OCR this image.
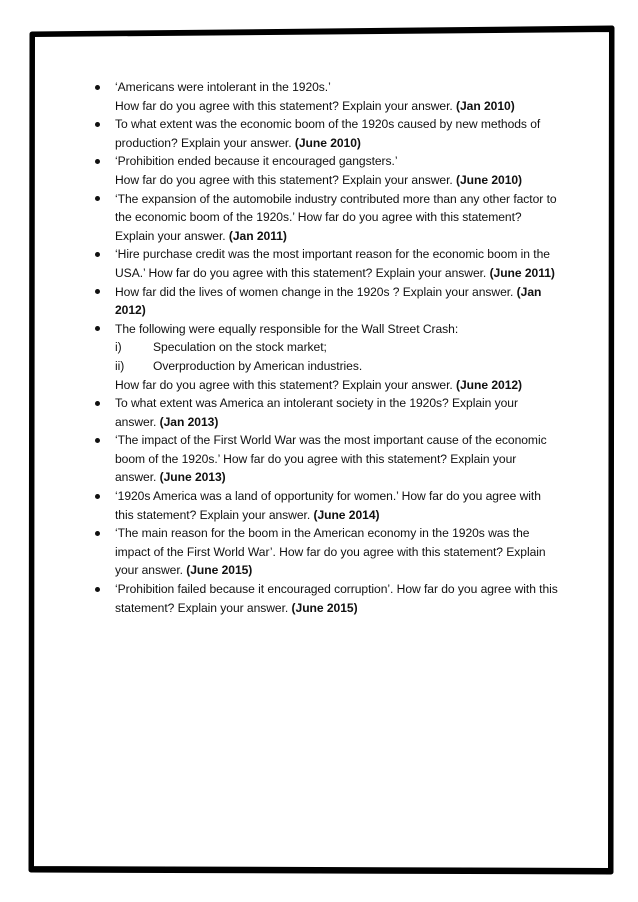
‘Americans were intolerant in the 1920s.’
How far do you agree with this statement? Explain your answer. (Jan 2010)
To what extent was the economic boom of the 1920s caused by new methods of
production? Explain your answer. (June 2010)
‘Prohibition ended because it encouraged gangsters.’
How far do you agree with this statement? Explain your answer. (June 2010)
‘The expansion of the automobile industry contributed more than any other factor to
the economic boom of the 1920s.’ How far do you agree with this statement?
Explain your answer. (Jan 2011)
‘Hire purchase credit was the most important reason for the economic boom in the
USA.’ How far do you agree with this statement? Explain your answer. (June 2011)
How far did the lives of women change in the 1920s ? Explain your answer. (Jan
2012)
The following were equally responsible for the Wall Street Crash:
i)	Speculation on the stock market;
ii)	Overproduction by American industries.
How far do you agree with this statement? Explain your answer. (June 2012)
To what extent was America an intolerant society in the 1920s? Explain your
answer. (Jan 2013)
‘The impact of the First World War was the most important cause of the economic
boom of the 1920s.’ How far do you agree with this statement? Explain your
answer. (June 2013)
‘1920s America was a land of opportunity for women.’ How far do you agree with
this statement? Explain your answer. (June 2014)
‘The main reason for the boom in the American economy in the 1920s was the
impact of the First World War’. How far do you agree with this statement? Explain
your answer. (June 2015)
‘Prohibition failed because it encouraged corruption’. How far do you agree with this
statement? Explain your answer. (June 2015)
